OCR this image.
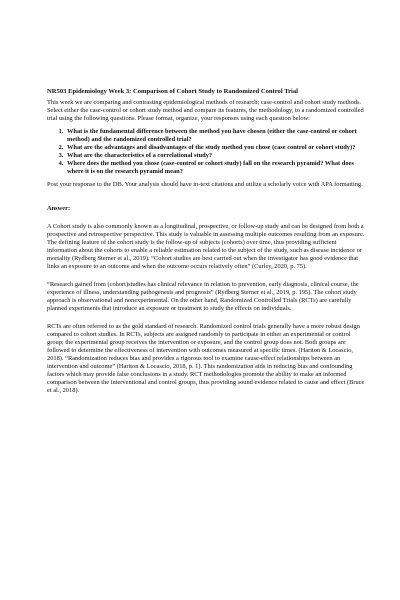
NR503 Epidemiology Week 3: Comparison of Cohort Study to Randomized Control Trial

This week we are comparing and contrasting epidemiological methods of research; case-control and cohort study methods. Select either the case-control or cohort study method and compare its features, the methodology, to a randomized controlled trial using the following questions. Please format, organize, your responses using each question below:

1. What is the fundamental difference between the method you have chosen (either the case-control or cohort method) and the randomized controlled trial?
2. What are the advantages and disadvantages of the study method you chose (case control or cohort study)?
3. What are the characteristics of a correlational study?
4. Where does the method you chose (case-control or cohort study) fall on the research pyramid? What does where it is on the research pyramid mean?

Post your response to the DB. Your analysis should have in-text citations and utilize a scholarly voice with APA formatting.

Answer:

A Cohort study is also commonly known as a longitudinal, prospective, or follow-up study and can be designed from both a prospective and retrospective perspective. This study is valuable in assessing multiple outcomes resulting from an exposure. The defining feature of the cohort study is the follow-up of subjects (cohorts) over time, thus providing sufficient information about the cohorts to enable a reliable estimation related to the subject of the study, such as disease incidence or mortality (Rydberg Sterner et al., 2019). “Cohort studies are best carried out when the investigator has good evidence that links an exposure to an outcome and when the outcome occurs relatively often” (Curley, 2020, p. 75).

“Research gained from (cohort)studies has clinical relevance in relation to prevention, early diagnosis, clinical course, the experience of illness, understanding pathogenesis and prognosis” (Rydberg Sterner et al., 2019, p. 195). The cohort study approach is observational and nonexperimental. On the other hand, Randomized Controlled Trials (RCTs) are carefully planned experiments that introduce an exposure or treatment to study the effects on individuals.

RCTs are often referred to as the gold standard of research. Randomized control trials generally have a more robust design compared to cohort studies. In RCTs, subjects are assigned randomly to participate in either an experimental or control group; the experimental group receives the intervention or exposure, and the control group does not. Both groups are followed to determine the effectiveness of intervention with outcomes measured at specific times. (Hariton & Locascio, 2018). “Randomization reduces bias and provides a rigorous tool to examine cause-effect relationships between an intervention and outcome” (Hariton & Locascio, 2018, p. 1). This randomization aids in reducing bias and confounding factors which may provide false conclusions in a study. RCT methodologies promote the ability to make an informed comparison between the interventional and control groups, thus providing sound evidence related to cause and effect (Bruce et al., 2018).
